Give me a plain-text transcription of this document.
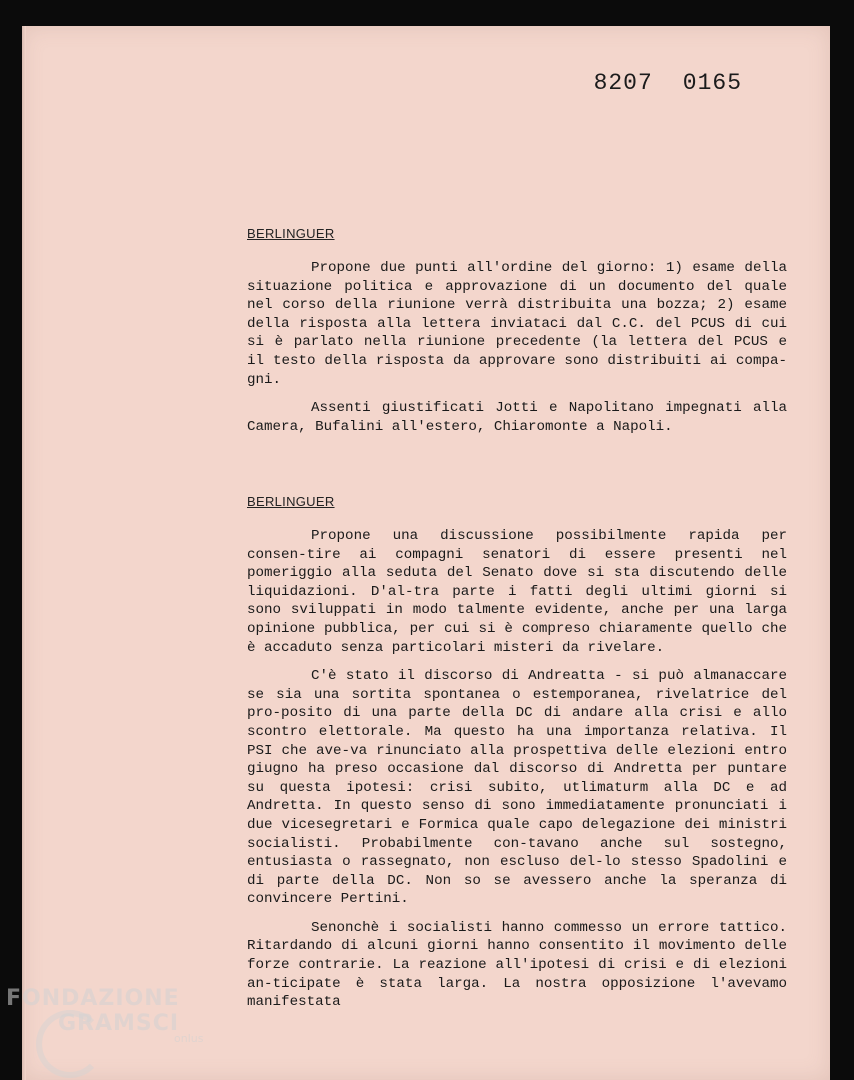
8207 0165
BERLINGUER

Propone due punti all'ordine del giorno: 1) esame della situazione politica e approvazione di un documento del quale nel corso della riunione verrà distribuita una bozza; 2) esame della risposta alla lettera inviataci dal C.C. del PCUS di cui si è parlato nella riunione precedente (la lettera del PCUS e il testo della risposta da approvare sono distribuiti ai compa-gni.

Assenti giustificati Jotti e Napolitano impegnati alla Camera, Bufalini all'estero, Chiaromonte a Napoli.

BERLINGUER

Propone una discussione possibilmente rapida per consen-tire ai compagni senatori di essere presenti nel pomeriggio alla seduta del Senato dove si sta discutendo delle liquidazioni. D'al-tra parte i fatti degli ultimi giorni si sono sviluppati in modo talmente evidente, anche per una larga opinione pubblica, per cui si è compreso chiaramente quello che è accaduto senza particolari misteri da rivelare.

C'è stato il discorso di Andreatta - si può almanaccare se sia una sortita spontanea o estemporanea, rivelatrice del pro-posito di una parte della DC di andare alla crisi e allo scontro elettorale. Ma questo ha una importanza relativa. Il PSI che ave-va rinunciato alla prospettiva delle elezioni entro giugno ha preso occasione dal discorso di Andretta per puntare su questa ipotesi: crisi subito, utlimaturm alla DC e ad Andretta. In questo senso di sono immediatamente pronunciati i due vicesegretari e Formica quale capo delegazione dei ministri socialisti. Probabilmente con-tavano anche sul sostegno, entusiasta o rassegnato, non escluso del-lo stesso Spadolini e di parte della DC. Non so se avessero anche la speranza di convincere Pertini.

Senonchè i socialisti hanno commesso un errore tattico. Ritardando di alcuni giorni hanno consentito il movimento delle forze contrarie. La reazione all'ipotesi di crisi e di elezioni an-ticipate è stata larga. La nostra opposizione l'avevamo manifestata

FONDAZIONE
GRAMSCI
onlus
